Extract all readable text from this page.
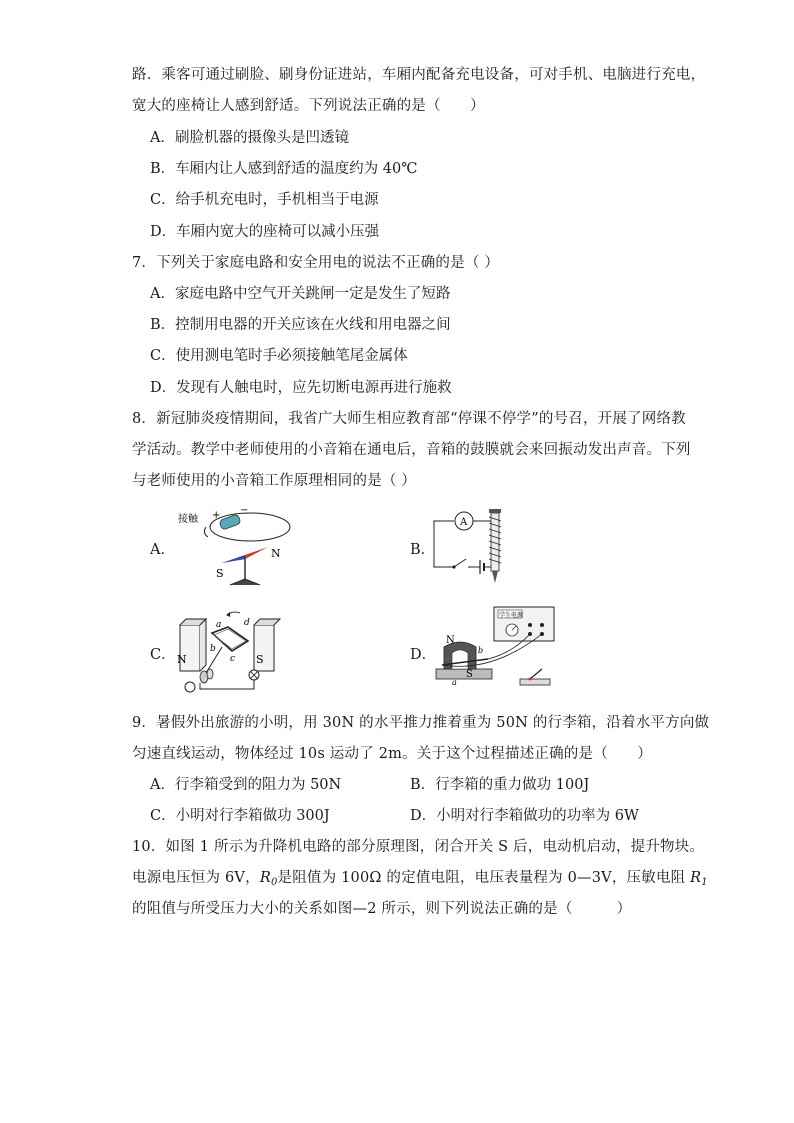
路．乘客可通过刷脸、刷身份证进站，车厢内配备充电设备，可对手机、电脑进行充电，
宽大的座椅让人感到舒适。下列说法正确的是（　　）
A．刷脸机器的摄像头是凹透镜
B．车厢内让人感到舒适的温度约为 40℃
C．给手机充电时，手机相当于电源
D．车厢内宽大的座椅可以减小压强
7．下列关于家庭电路和安全用电的说法不正确的是（ ）
A．家庭电路中空气开关跳闸一定是发生了短路
B．控制用电器的开关应该在火线和用电器之间
C．使用测电笔时手必须接触笔尾金属体
D．发现有人触电时，应先切断电源再进行施救
8．新冠肺炎疫情期间，我省广大师生相应教育部“停课不停学”的号召，开展了网络教
学活动。教学中老师使用的小音箱在通电后，音箱的鼓膜就会来回振动发出声音。下列
与老师使用的小音箱工作原理相同的是（ ）
A．
接触 + −
S
N	B．
A
C． N	S
a	d
b
c	D．
学生电源
N
S
a
b
9．暑假外出旅游的小明，用 30N 的水平推力推着重为 50N 的行李箱，沿着水平方向做
匀速直线运动，物体经过 10s 运动了 2m。关于这个过程描述正确的是（　　）
A．行李箱受到的阻力为 50N	B．行李箱的重力做功 100J
C．小明对行李箱做功 300J	D．小明对行李箱做功的功率为 6W
10．如图 1 所示为升降机电路的部分原理图，闭合开关 S 后，电动机启动，提升物块。
电源电压恒为 6V，$R_0$是阻值为 100Ω 的定值电阻，电压表量程为 0—3V，压敏电阻 $R_1$
的阻值与所受压力大小的关系如图—2 所示，则下列说法正确的是（　　　）
